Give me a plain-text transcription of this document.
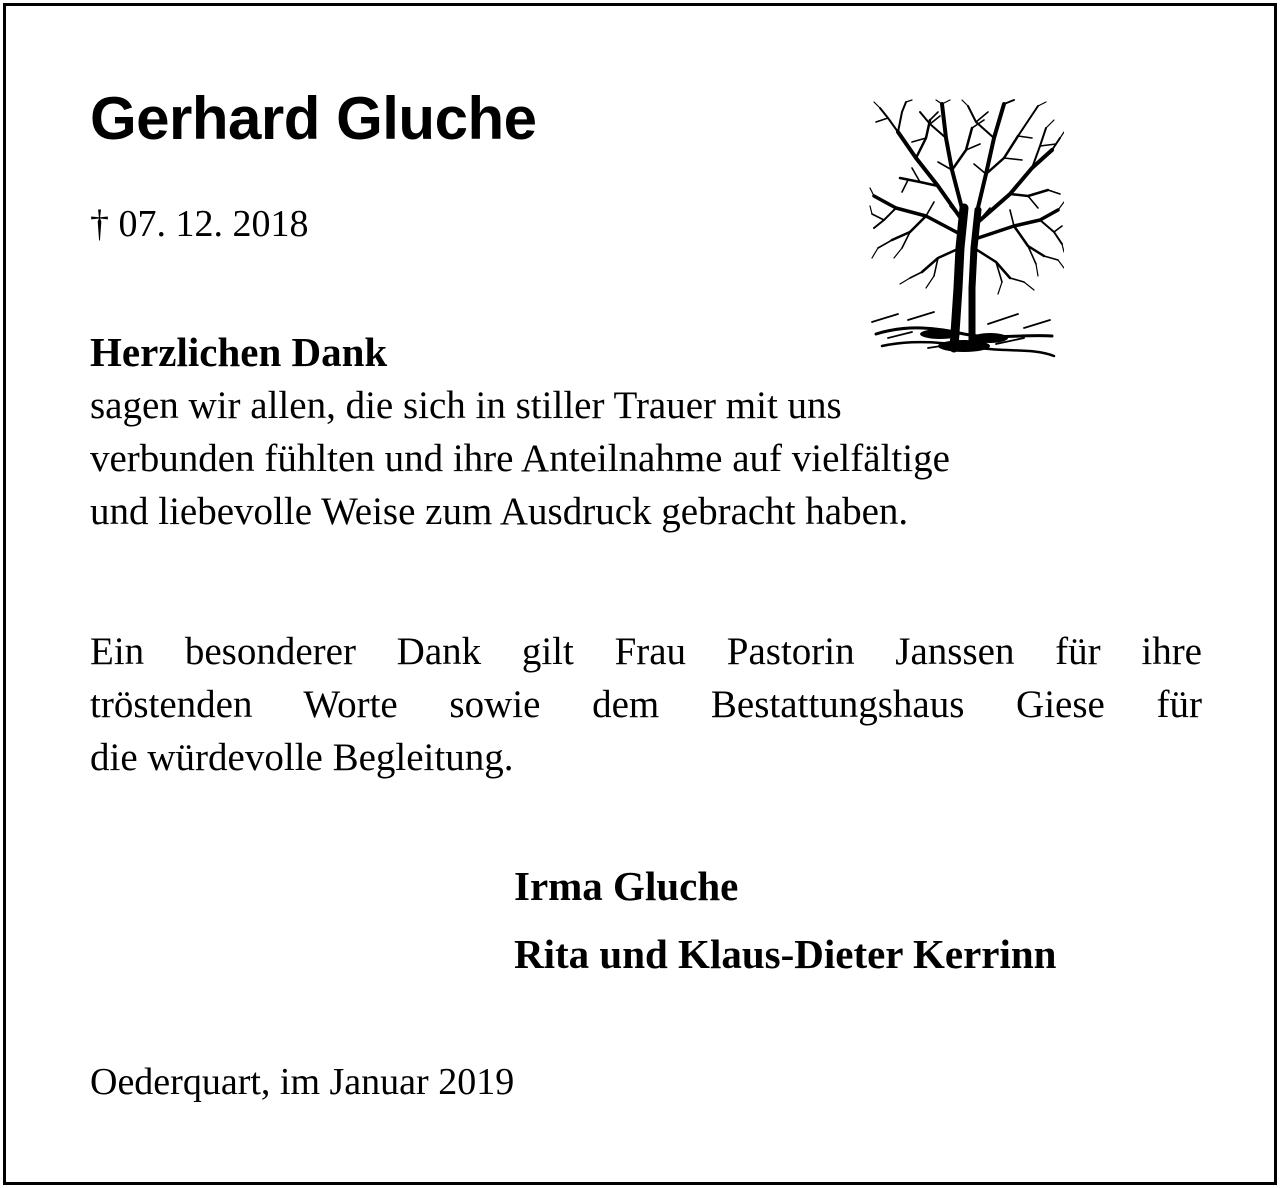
Gerhard Gluche
† 07. 12. 2018
Herzlichen Dank
sagen wir allen, die sich in stiller Trauer mit uns
verbunden fühlten und ihre Anteilnahme auf vielfältige
und liebevolle Weise zum Ausdruck gebracht haben.
Ein besonderer Dank gilt Frau Pastorin Janssen für ihre
tröstenden Worte sowie dem Bestattungshaus Giese für
die würdevolle Begleitung.
Irma Gluche
Rita und Klaus-Dieter Kerrinn
Oederquart, im Januar 2019
